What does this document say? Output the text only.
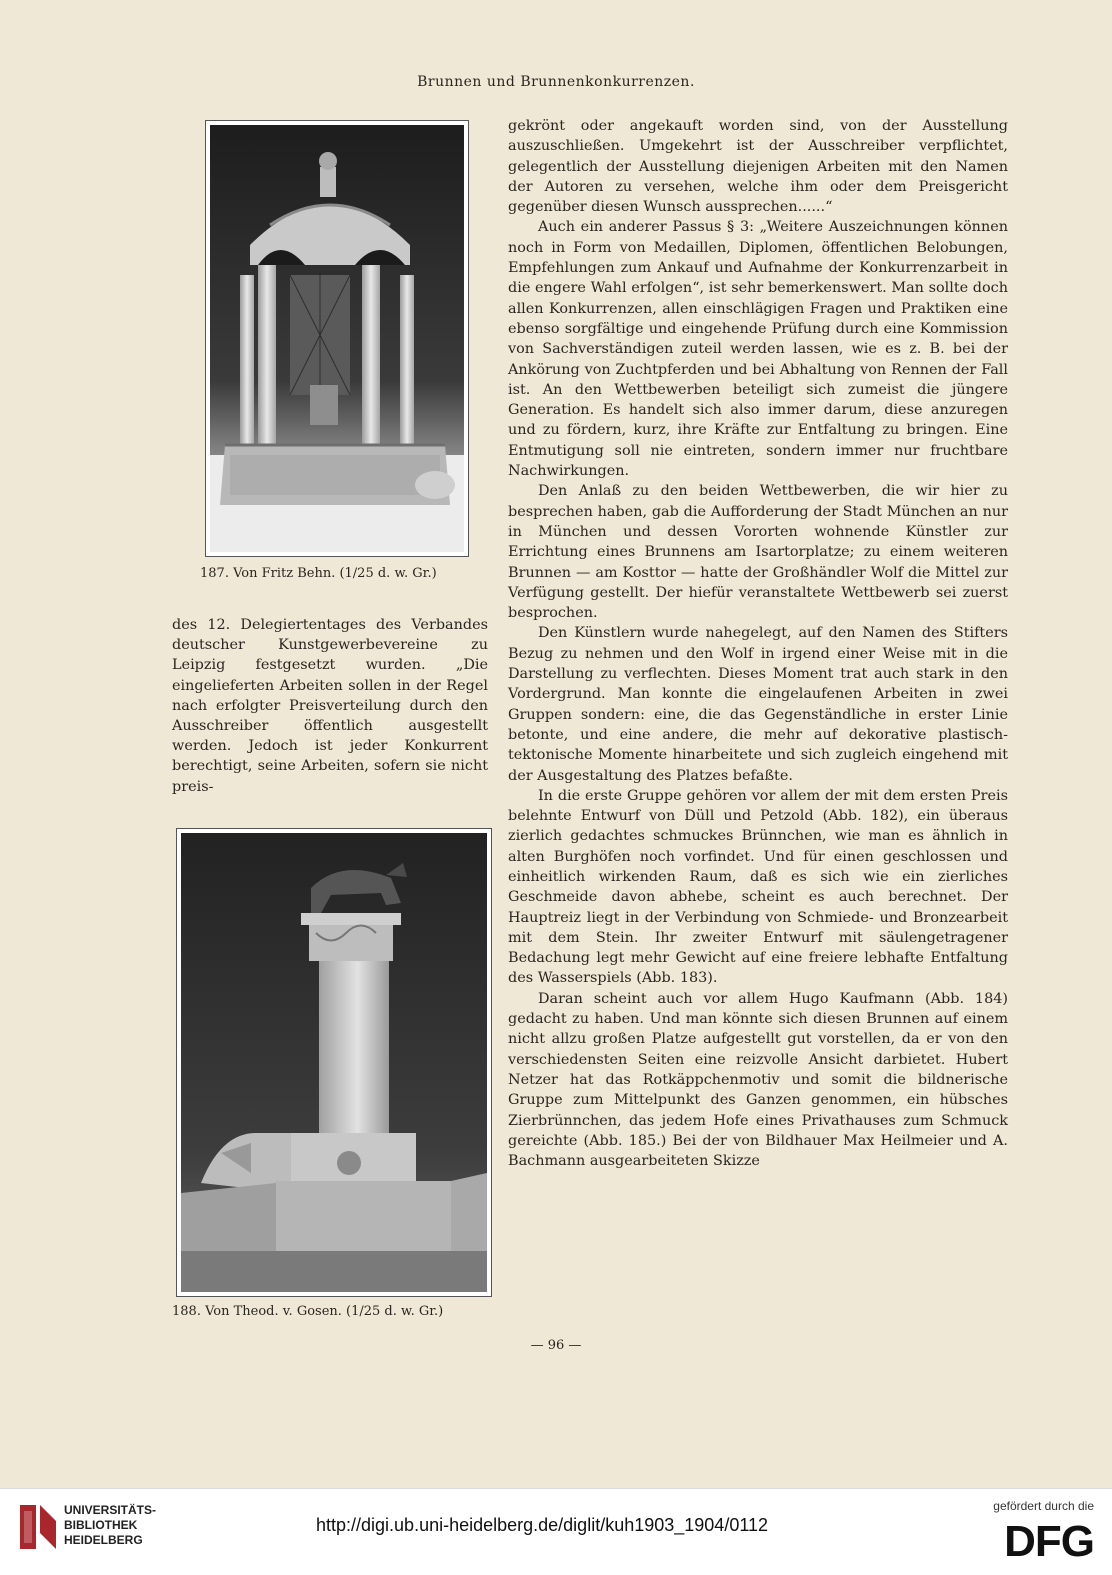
Brunnen und Brunnenkonkurrenzen.
187. Von Fritz Behn. (1/25 d. w. Gr.)

des 12. Delegiertentages des Verbandes deutscher Kunstgewerbevereine zu Leipzig festgesetzt wurden. „Die eingelieferten Arbeiten sollen in der Regel nach erfolgter Preisverteilung durch den Ausschreiber öffentlich ausgestellt werden. Jedoch ist jeder Konkurrent berechtigt, seine Arbeiten, sofern sie nicht preis-

188. Von Theod. v. Gosen. (1/25 d. w. Gr.)

gekrönt oder angekauft worden sind, von der Ausstellung auszuschließen. Umgekehrt ist der Ausschreiber verpflichtet, gelegentlich der Ausstellung diejenigen Arbeiten mit den Namen der Autoren zu versehen, welche ihm oder dem Preisgericht gegenüber diesen Wunsch aussprechen......“

Auch ein anderer Passus § 3: „Weitere Auszeichnungen können noch in Form von Medaillen, Diplomen, öffentlichen Belobungen, Empfehlungen zum Ankauf und Aufnahme der Konkurrenzarbeit in die engere Wahl erfolgen“, ist sehr bemerkenswert. Man sollte doch allen Konkurrenzen, allen einschlägigen Fragen und Praktiken eine ebenso sorgfältige und eingehende Prüfung durch eine Kommission von Sachverständigen zuteil werden lassen, wie es z. B. bei der Ankörung von Zuchtpferden und bei Abhaltung von Rennen der Fall ist. An den Wettbewerben beteiligt sich zumeist die jüngere Generation. Es handelt sich also immer darum, diese anzuregen und zu fördern, kurz, ihre Kräfte zur Entfaltung zu bringen. Eine Entmutigung soll nie eintreten, sondern immer nur fruchtbare Nachwirkungen.

Den Anlaß zu den beiden Wettbewerben, die wir hier zu besprechen haben, gab die Aufforderung der Stadt München an nur in München und dessen Vororten wohnende Künstler zur Errichtung eines Brunnens am Isartorplatze; zu einem weiteren Brunnen — am Kosttor — hatte der Großhändler Wolf die Mittel zur Verfügung gestellt. Der hiefür veranstaltete Wettbewerb sei zuerst besprochen.

Den Künstlern wurde nahegelegt, auf den Namen des Stifters Bezug zu nehmen und den Wolf in irgend einer Weise mit in die Darstellung zu verflechten. Dieses Moment trat auch stark in den Vordergrund. Man konnte die eingelaufenen Arbeiten in zwei Gruppen sondern: eine, die das Gegenständliche in erster Linie betonte, und eine andere, die mehr auf dekorative plastisch-tektonische Momente hinarbeitete und sich zugleich eingehend mit der Ausgestaltung des Platzes befaßte.

In die erste Gruppe gehören vor allem der mit dem ersten Preis belehnte Entwurf von Düll und Petzold (Abb. 182), ein überaus zierlich gedachtes schmuckes Brünnchen, wie man es ähnlich in alten Burghöfen noch vorfindet. Und für einen geschlossen und einheitlich wirkenden Raum, daß es sich wie ein zierliches Geschmeide davon abhebe, scheint es auch berechnet. Der Hauptreiz liegt in der Verbindung von Schmiede- und Bronzearbeit mit dem Stein. Ihr zweiter Entwurf mit säulengetragener Bedachung legt mehr Gewicht auf eine freiere lebhafte Entfaltung des Wasserspiels (Abb. 183).

Daran scheint auch vor allem Hugo Kaufmann (Abb. 184) gedacht zu haben. Und man könnte sich diesen Brunnen auf einem nicht allzu großen Platze aufgestellt gut vorstellen, da er von den verschiedensten Seiten eine reizvolle Ansicht darbietet. Hubert Netzer hat das Rotkäppchenmotiv und somit die bildnerische Gruppe zum Mittelpunkt des Ganzen genommen, ein hübsches Zierbrünnchen, das jedem Hofe eines Privathauses zum Schmuck gereichte (Abb. 185.) Bei der von Bildhauer Max Heilmeier und A. Bachmann ausgearbeiteten Skizze

— 96 —
UNIVERSITÄTS-
BIBLIOTHEK
HEIDELBERG
http://digi.ub.uni-heidelberg.de/diglit/kuh1903_1904/0112
gefördert durch die
DFG
